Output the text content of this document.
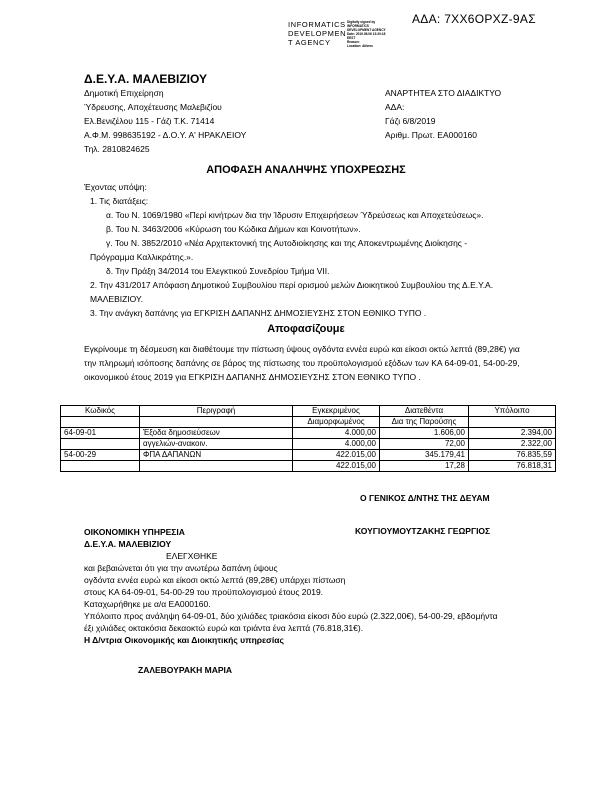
ΑΔΑ: 7ΧΧ6ΟΡΧΖ-9ΑΣ
INFORMATICS
DEVELOPMEN
T AGENCY
Digitally signed by
INFORMATICS
DEVELOPMENT AGENCY
Date: 2019.08.06 13:30:18
EEST
Reason:
Location: Athens
Δ.Ε.Υ.Α. ΜΑΛΕΒΙΖΙΟΥ
Δημοτική Επιχείρηση
Ύδρευσης, Αποχέτευσης Μαλεβιζίου
Ελ.Βενιζέλου 115 - Γάζι Τ.Κ. 71414
Α.Φ.Μ. 998635192 - Δ.Ο.Υ. Α' ΗΡΑΚΛΕΙΟΥ
Τηλ. 2810824625
ΑΝΑΡΤΗΤΕΑ ΣΤΟ ΔΙΑΔΙΚΤΥΟ
ΑΔΑ:
Γάζι 6/8/2019
Αριθμ. Πρωτ. ΕΑ000160
ΑΠΟΦΑΣΗ ΑΝΑΛΗΨΗΣ ΥΠΟΧΡΕΩΣΗΣ
Έχοντας υπόψη:
1. Τις διατάξεις:
α. Του Ν. 1069/1980 «Περί κινήτρων δια την Ίδρυσιν Επιχειρήσεων Ύδρεύσεως και Αποχετεύσεως».
β. Του Ν. 3463/2006 «Κύρωση του Κώδικα Δήμων και Κοινοτήτων».
γ. Του Ν. 3852/2010 «Νέα Αρχιτεκτονική της Αυτοδιοίκησης και της Αποκεντρωμένης Διοίκησης -
Πρόγραμμα Καλλικράτης.».
δ. Την Πράξη 34/2014 του Ελεγκτικού Συνεδρίου Τμήμα VII.
2. Την 431/2017 Απόφαση Δημοτικού Συμβουλίου περί ορισμού μελών Διοικητικού Συμβουλίου της Δ.Ε.Υ.Α.
ΜΑΛΕΒΙΖΙΟΥ.
3. Την ανάγκη δαπάνης για ΕΓΚΡΙΣΗ ΔΑΠΑΝΗΣ ΔΗΜΟΣΙΕΥΣΗΣ ΣΤΟΝ ΕΘΝΙΚΟ ΤΥΠΟ .
Αποφασίζουμε
Εγκρίνουμε τη δέσμευση και διαθέτουμε την πίστωση ύψους ογδόντα εννέα ευρώ και είκοσι οκτώ λεπτά (89,28€) για την πληρωμή ισόποσης δαπάνης σε βάρος της πίστωσης του προϋπολογισμού εξόδων των ΚΑ 64-09-01, 54-00-29, οικονομικού έτους 2019 για ΕΓΚΡΙΣΗ ΔΑΠΑΝΗΣ ΔΗΜΟΣΙΕΥΣΗΣ ΣΤΟΝ ΕΘΝΙΚΟ ΤΥΠΟ .
Κωδικός	Περιγραφή	Εγκεκριμένος	Διατεθέντα	Υπόλοιπο
		Διαμορφωμένος	Δια της Παρούσης	
64-09-01	Έξοδα δημοσιεύσεων	4.000,00	1.606,00	2.394,00
	αγγελιών-ανακοιν.	4.000,00	72,00	2.322,00
54-00-29	ΦΠΑ ΔΑΠΑΝΩΝ	422.015,00	345.179,41	76.835,59
		422.015,00	17,28	76.818,31
Ο ΓΕΝΙΚΟΣ Δ/ΝΤΗΣ ΤΗΣ ΔΕΥΑΜ
ΟΙΚΟΝΟΜΙΚΗ ΥΠΗΡΕΣΙΑ
Δ.Ε.Υ.Α. ΜΑΛΕΒΙΖΙΟΥ
ΕΛΕΓΧΘΗΚΕ
και βεβαιώνεται ότι για την ανωτέρω δαπάνη ύψους
ογδόντα εννέα ευρώ και είκοσι οκτώ λεπτά (89,28€) υπάρχει πίστωση
στους ΚΑ 64-09-01, 54-00-29 του προϋπολογισμού έτους 2019.
Καταχωρήθηκε με α/α ΕΑ000160.
Υπόλοιπο προς ανάληψη 64-09-01, δύο χιλιάδες τριακόσια είκοσι δύο ευρώ (2.322,00€), 54-00-29, εβδομήντα
έξι χιλιάδες οκτακόσια δεκαοκτώ ευρώ και τριάντα ένα λεπτά (76.818,31€).
Η Δ/ντρια Οικονομικής και Διοικητικής υπηρεσίας
ΚΟΥΓΙΟΥΜΟΥΤΖΑΚΗΣ ΓΕΩΡΓΙΟΣ
ΖΑΛΕΒΟΥΡΑΚΗ ΜΑΡΙΑ
